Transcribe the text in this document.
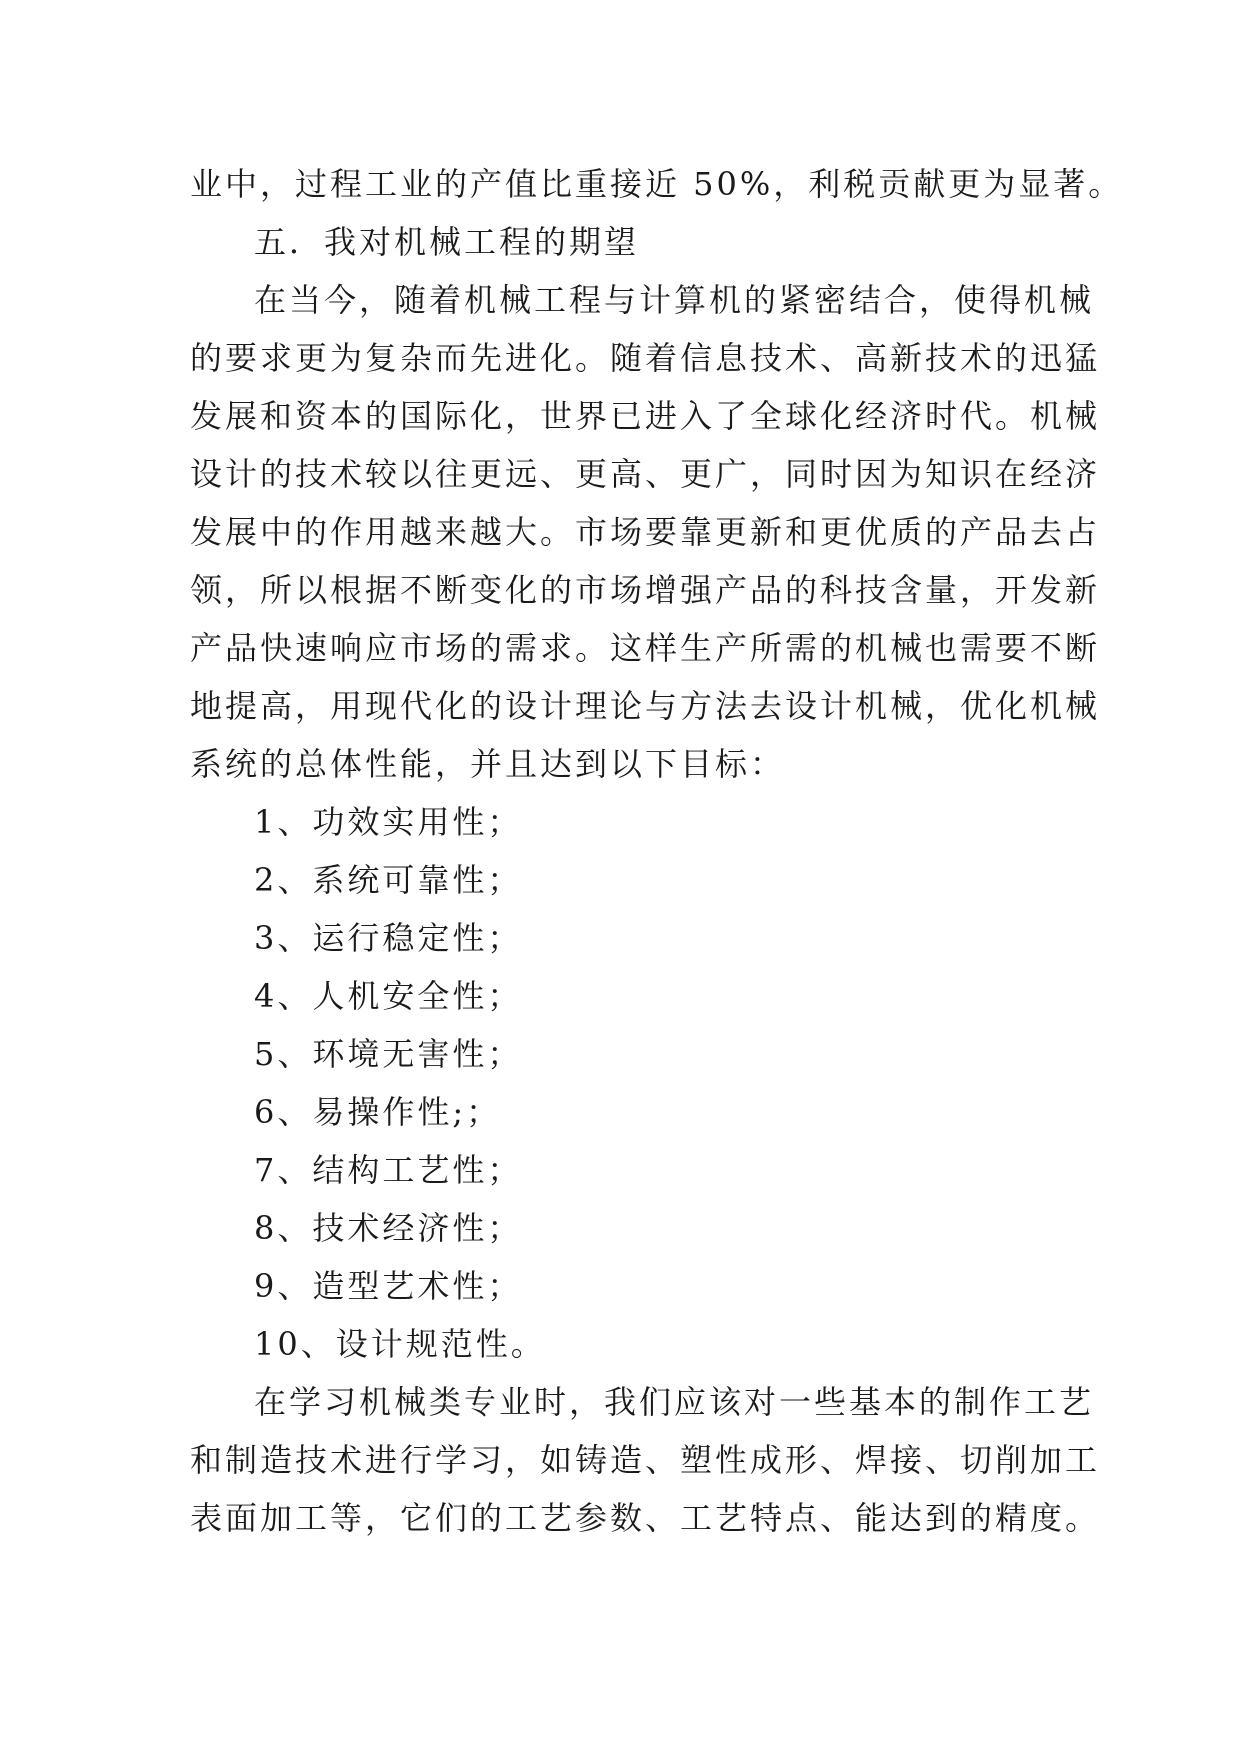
业中，过程工业的产值比重接近 50%，利税贡献更为显著。
五．我对机械工程的期望
在当今，随着机械工程与计算机的紧密结合，使得机械
的要求更为复杂而先进化。随着信息技术、高新技术的迅猛
发展和资本的国际化，世界已进入了全球化经济时代。机械
设计的技术较以往更远、更高、更广，同时因为知识在经济
发展中的作用越来越大。市场要靠更新和更优质的产品去占
领，所以根据不断变化的市场增强产品的科技含量，开发新
产品快速响应市场的需求。这样生产所需的机械也需要不断
地提高，用现代化的设计理论与方法去设计机械，优化机械
系统的总体性能，并且达到以下目标：
1、功效实用性；
2、系统可靠性；
3、运行稳定性；
4、人机安全性；
5、环境无害性；
6、易操作性;；
7、结构工艺性；
8、技术经济性；
9、造型艺术性；
10、设计规范性。
在学习机械类专业时，我们应该对一些基本的制作工艺
和制造技术进行学习，如铸造、塑性成形、焊接、切削加工
表面加工等，它们的工艺参数、工艺特点、能达到的精度。
